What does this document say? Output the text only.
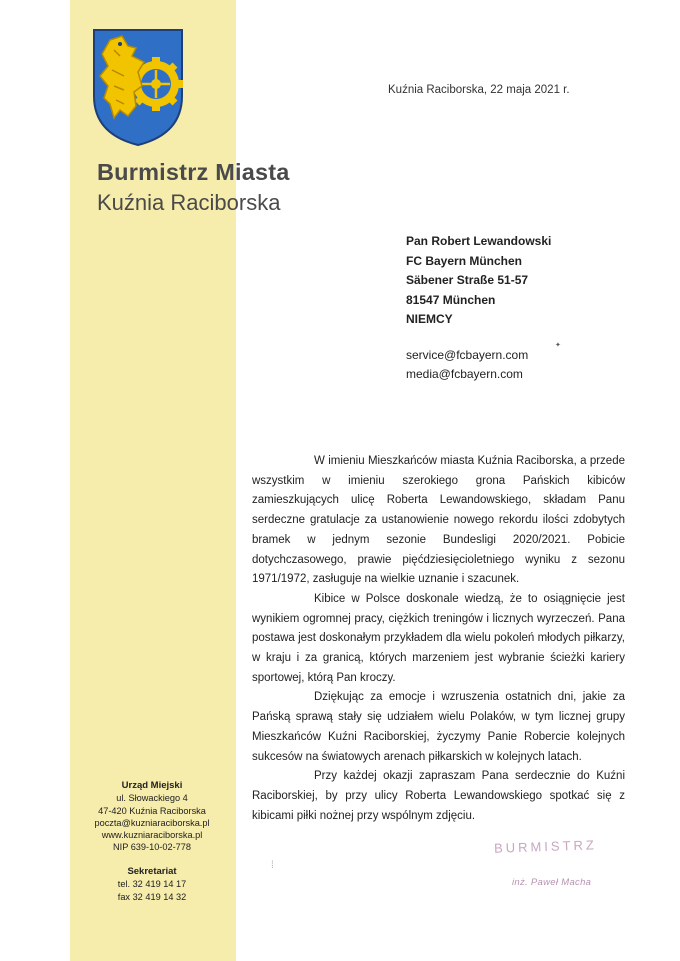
Kuźnia Raciborska, 22 maja 2021 r.
Burmistrz Miasta
Kuźnia Raciborska
Pan Robert Lewandowski
FC Bayern München
Säbener Straße 51-57
81547 München
NIEMCY
✦
service@fcbayern.com
media@fcbayern.com

W imieniu Mieszkańców miasta Kuźnia Raciborska, a przede wszystkim w imieniu szerokiego grona Pańskich kibiców zamieszkujących ulicę Roberta Lewandowskiego, składam Panu serdeczne gratulacje za ustanowienie nowego rekordu ilości zdobytych bramek w jednym sezonie Bundesligi 2020/2021. Pobicie dotychczasowego, prawie pięćdziesięcioletniego wyniku z sezonu 1971/1972, zasługuje na wielkie uznanie i szacunek.

Kibice w Polsce doskonale wiedzą, że to osiągnięcie jest wynikiem ogromnej pracy, ciężkich treningów i licznych wyrzeczeń. Pana postawa jest doskonałym przykładem dla wielu pokoleń młodych piłkarzy, w kraju i za granicą, których marzeniem jest wybranie ścieżki kariery sportowej, którą Pan kroczy.

Dziękując za emocje i wzruszenia ostatnich dni, jakie za Pańską sprawą stały się udziałem wielu Polaków, w tym licznej grupy Mieszkańców Kuźni Raciborskiej, życzymy Panie Robercie kolejnych sukcesów na światowych arenach piłkarskich w kolejnych latach.

Przy każdej okazji zapraszam Pana serdecznie do Kuźni Raciborskiej, by przy ulicy Roberta Lewandowskiego spotkać się z kibicami piłki nożnej przy wspólnym zdjęciu.

BURMISTRZ
inż. Paweł Macha
⁞
Urząd Miejski
ul. Słowackiego 4
47-420 Kuźnia Raciborska
poczta@kuzniaraciborska.pl
www.kuzniaraciborska.pl
NIP 639-10-02-778
Sekretariat
tel. 32 419 14 17
fax 32 419 14 32
